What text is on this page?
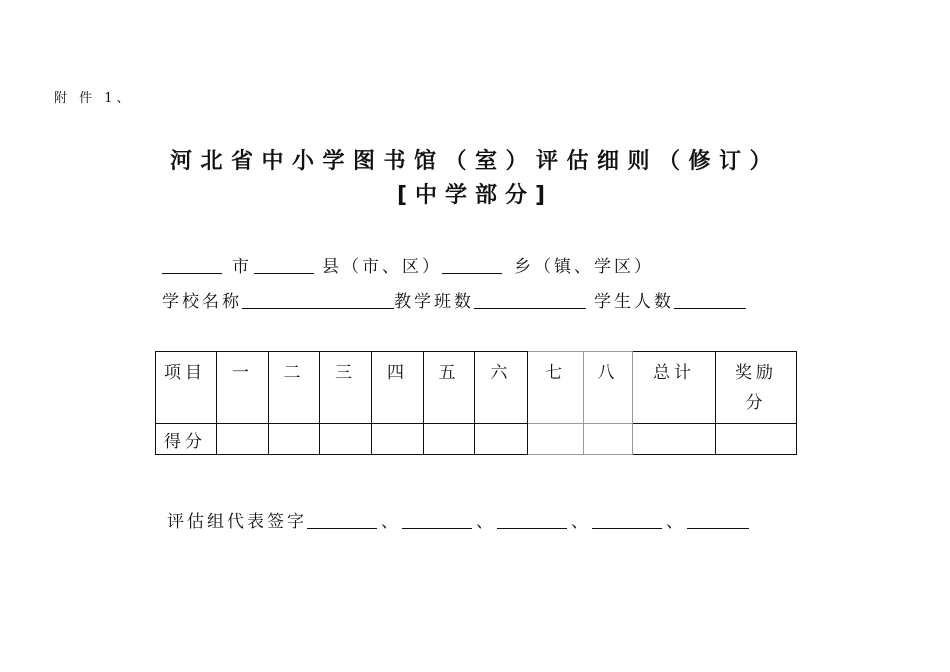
附 件 1、
河北省中小学图书馆（室）评估细则（修订）
[中学部分]
市	县（市、区）	乡（镇、学区）
学校名称	教学班数	学生人数
项目	一	二	三	四	五	六	七	八	总计	奖励分
得分										
评估组代表签字	、	、	、	、
